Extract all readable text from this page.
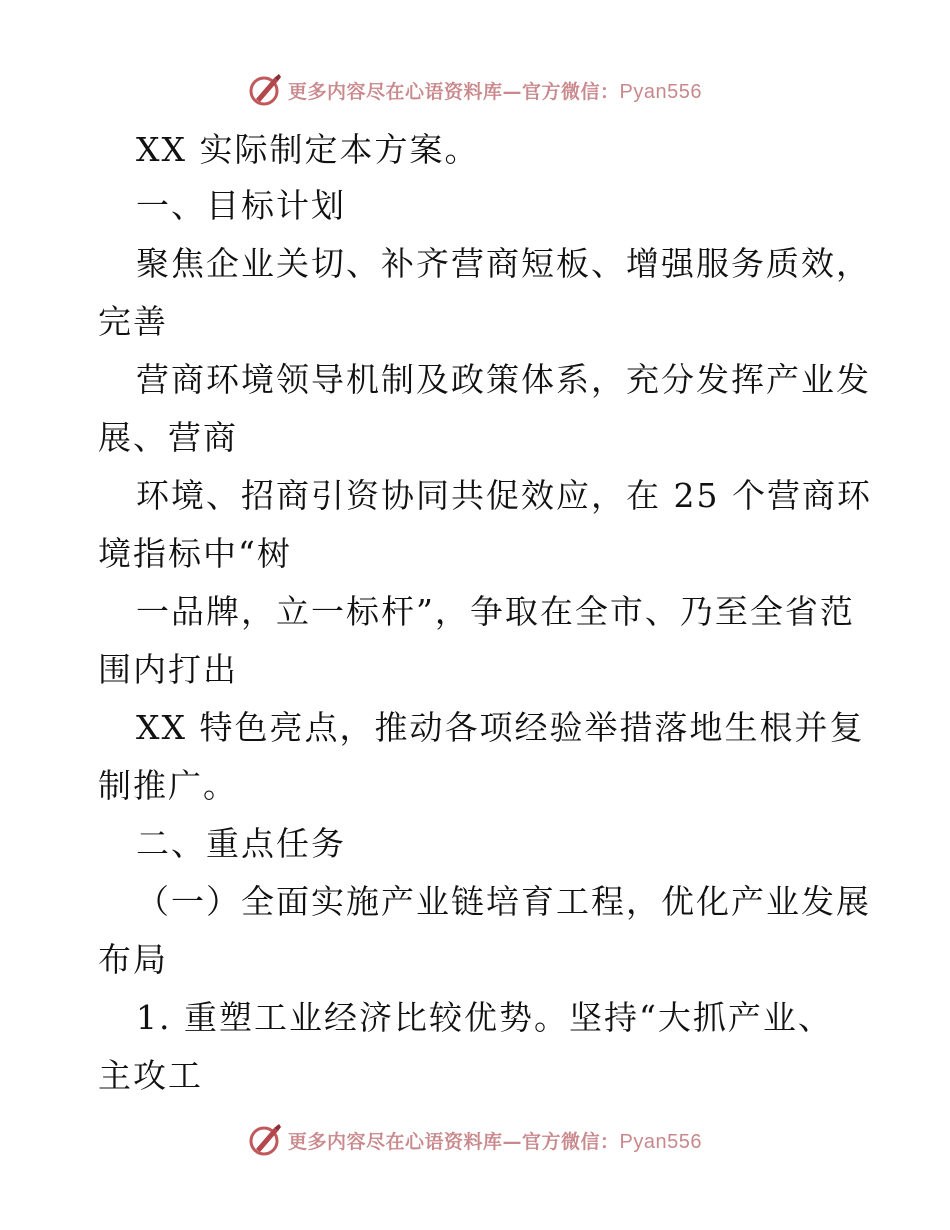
更多内容尽在心语资料库—官方微信：Pyan556
XX 实际制定本方案。
一、目标计划
聚焦企业关切、补齐营商短板、增强服务质效，
完善
营商环境领导机制及政策体系，充分发挥产业发
展、营商
环境、招商引资协同共促效应，在 25 个营商环
境指标中“树
一品牌，立一标杆”，争取在全市、乃至全省范
围内打出
XX 特色亮点，推动各项经验举措落地生根并复
制推广。
二、重点任务
（一）全面实施产业链培育工程，优化产业发展
布局
1. 重塑工业经济比较优势。坚持“大抓产业、
主攻工
更多内容尽在心语资料库—官方微信：Pyan556
